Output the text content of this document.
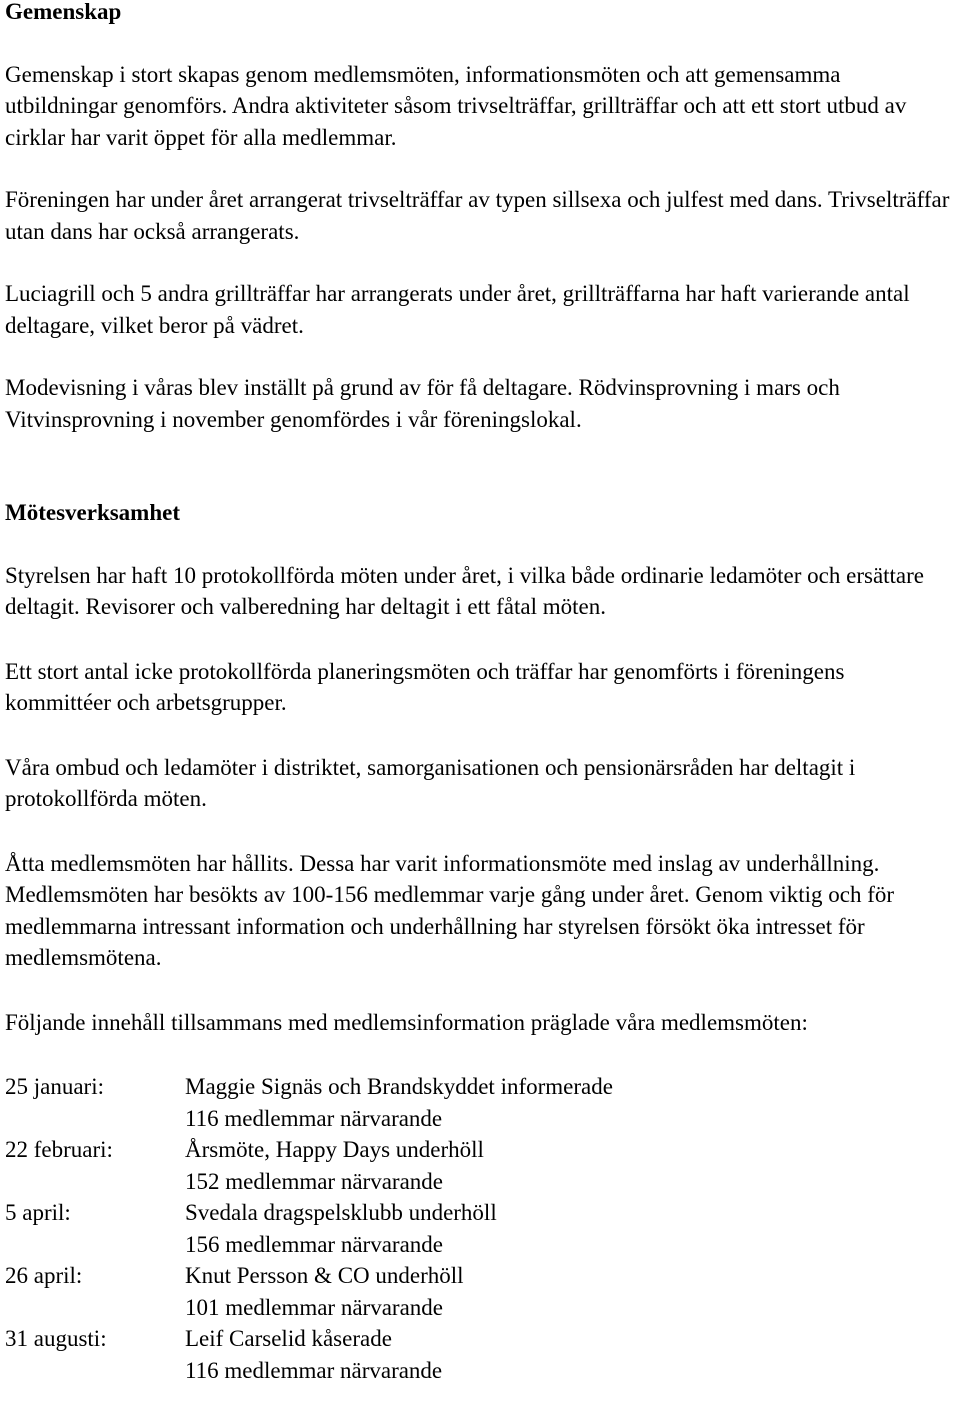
Gemenskap

Gemenskap i stort skapas genom medlemsmöten, informationsmöten och att gemensamma utbildningar genomförs. Andra aktiviteter såsom trivselträffar, grillträffar och att ett stort utbud av cirklar har varit öppet för alla medlemmar.

Föreningen har under året arrangerat trivselträffar av typen sillsexa och julfest med dans. Trivselträffar utan dans har också arrangerats.

Luciagrill och 5 andra grillträffar har arrangerats under året, grillträffarna har haft varierande antal deltagare, vilket beror på vädret.

Modevisning i våras blev inställt på grund av för få deltagare. Rödvinsprovning i mars och Vitvinsprovning i november genomfördes i vår föreningslokal.

Mötesverksamhet

Styrelsen har haft 10 protokollförda möten under året, i vilka både ordinarie ledamöter och ersättare deltagit. Revisorer och valberedning har deltagit i ett fåtal möten.

Ett stort antal icke protokollförda planeringsmöten och träffar har genomförts i föreningens kommittéer och arbetsgrupper.

Våra ombud och ledamöter i distriktet, samorganisationen och pensionärsråden har deltagit i protokollförda möten.

Åtta medlemsmöten har hållits. Dessa har varit informationsmöte med inslag av underhållning. Medlemsmöten har besökts av 100-156 medlemmar varje gång under året. Genom viktig och för medlemmarna intressant information och underhållning har styrelsen försökt öka intresset för medlemsmötena.

Följande innehåll tillsammans med medlemsinformation präglade våra medlemsmöten:

25 januari:	Maggie Signäs och Brandskyddet informerade
116 medlemmar närvarande
22 februari:	Årsmöte, Happy Days underhöll
152 medlemmar närvarande
5 april:	Svedala dragspelsklubb underhöll
156 medlemmar närvarande
26 april:	Knut Persson & CO underhöll
101 medlemmar närvarande
31 augusti:	Leif Carselid kåserade
116 medlemmar närvarande
